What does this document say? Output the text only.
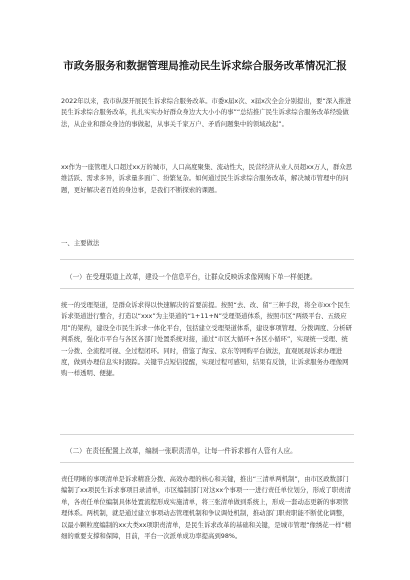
市政务服务和数据管理局推动民生诉求综合服务改革情况汇报

2022年以来，我市纵深开展民生诉求综合服务改革。市委x届x次、x届x次全会分别提出，要“深入推进民生诉求综合服务改革，扎扎实实办好群众身边大大小小的事”“总结推广民生诉求综合服务改革经验做法，从企业和群众身边的事做起，从事关千家万户、矛盾问题集中的领域改起”。

xx作为一座管理人口超过xx万的城市，人口高度聚集、流动性大，民营经济从业人员超xx万人，群众思维活跃、需求多异，诉求量多面广、纷繁复杂。如何通过民生诉求综合服务改革，解决城市管理中的问题，更好解决老百姓的身边事，是我们不断探索的课题。

一、主要做法
（一）在受理渠道上改革，建设一个信息平台，让群众反映诉求像网购下单一样便捷。

统一的受理渠道，是群众诉求得以快速解决的首要前提。按照“去、改、留”三种手段，将全市xx个民生诉求渠道进行整合，打造以“xxx”为主渠道的“1+11+N”受理渠道体系，按照市区“两级平台、五级应用”的架构，建设全市民生诉求一体化平台，包括建立受理渠道体系，建设事项管理、分拨调度、分析研判系统，强化市平台与各区各部门处置系统对接，通过“市区大循环+各区小循环”，实现统一受理、统一分拨、全流程可视、全过程闭环。同时，借鉴了淘宝、京东等网购平台做法，直观展现诉求办理进度，做到办理信息实时跟踪。关键节点短信提醒，实现过程可感知，结果有反馈，让诉求服务办理像网购一样透明、便捷。

（二）在责任配置上改革，编制一张职责清单，让每一件诉求都有人管有人应。

责任明晰的事项清单是诉求精准分拨、高效办理的核心和关键，推出“三清单两机制”，由市区政数部门编制了xx项民生诉求事项目录清单，市区编制部门对这xx个事项一一进行责任单位划分，形成了职责清单，各责任单位编制具体处置流程形成实施清单，将三张清单做到系统上，形成一套动态更新的事项管理体系。两机制，就是通过建立事项动态管理机制和争议调处机制，推动部门职责职能不断优化调整，以最小颗粒度编制的xx大类xx项职责清单，是民生诉求改革的基础和关键，是城市管理“像绣花一样”精细的重要支撑和保障，目前，平台一次派单成功率提高到98%。
